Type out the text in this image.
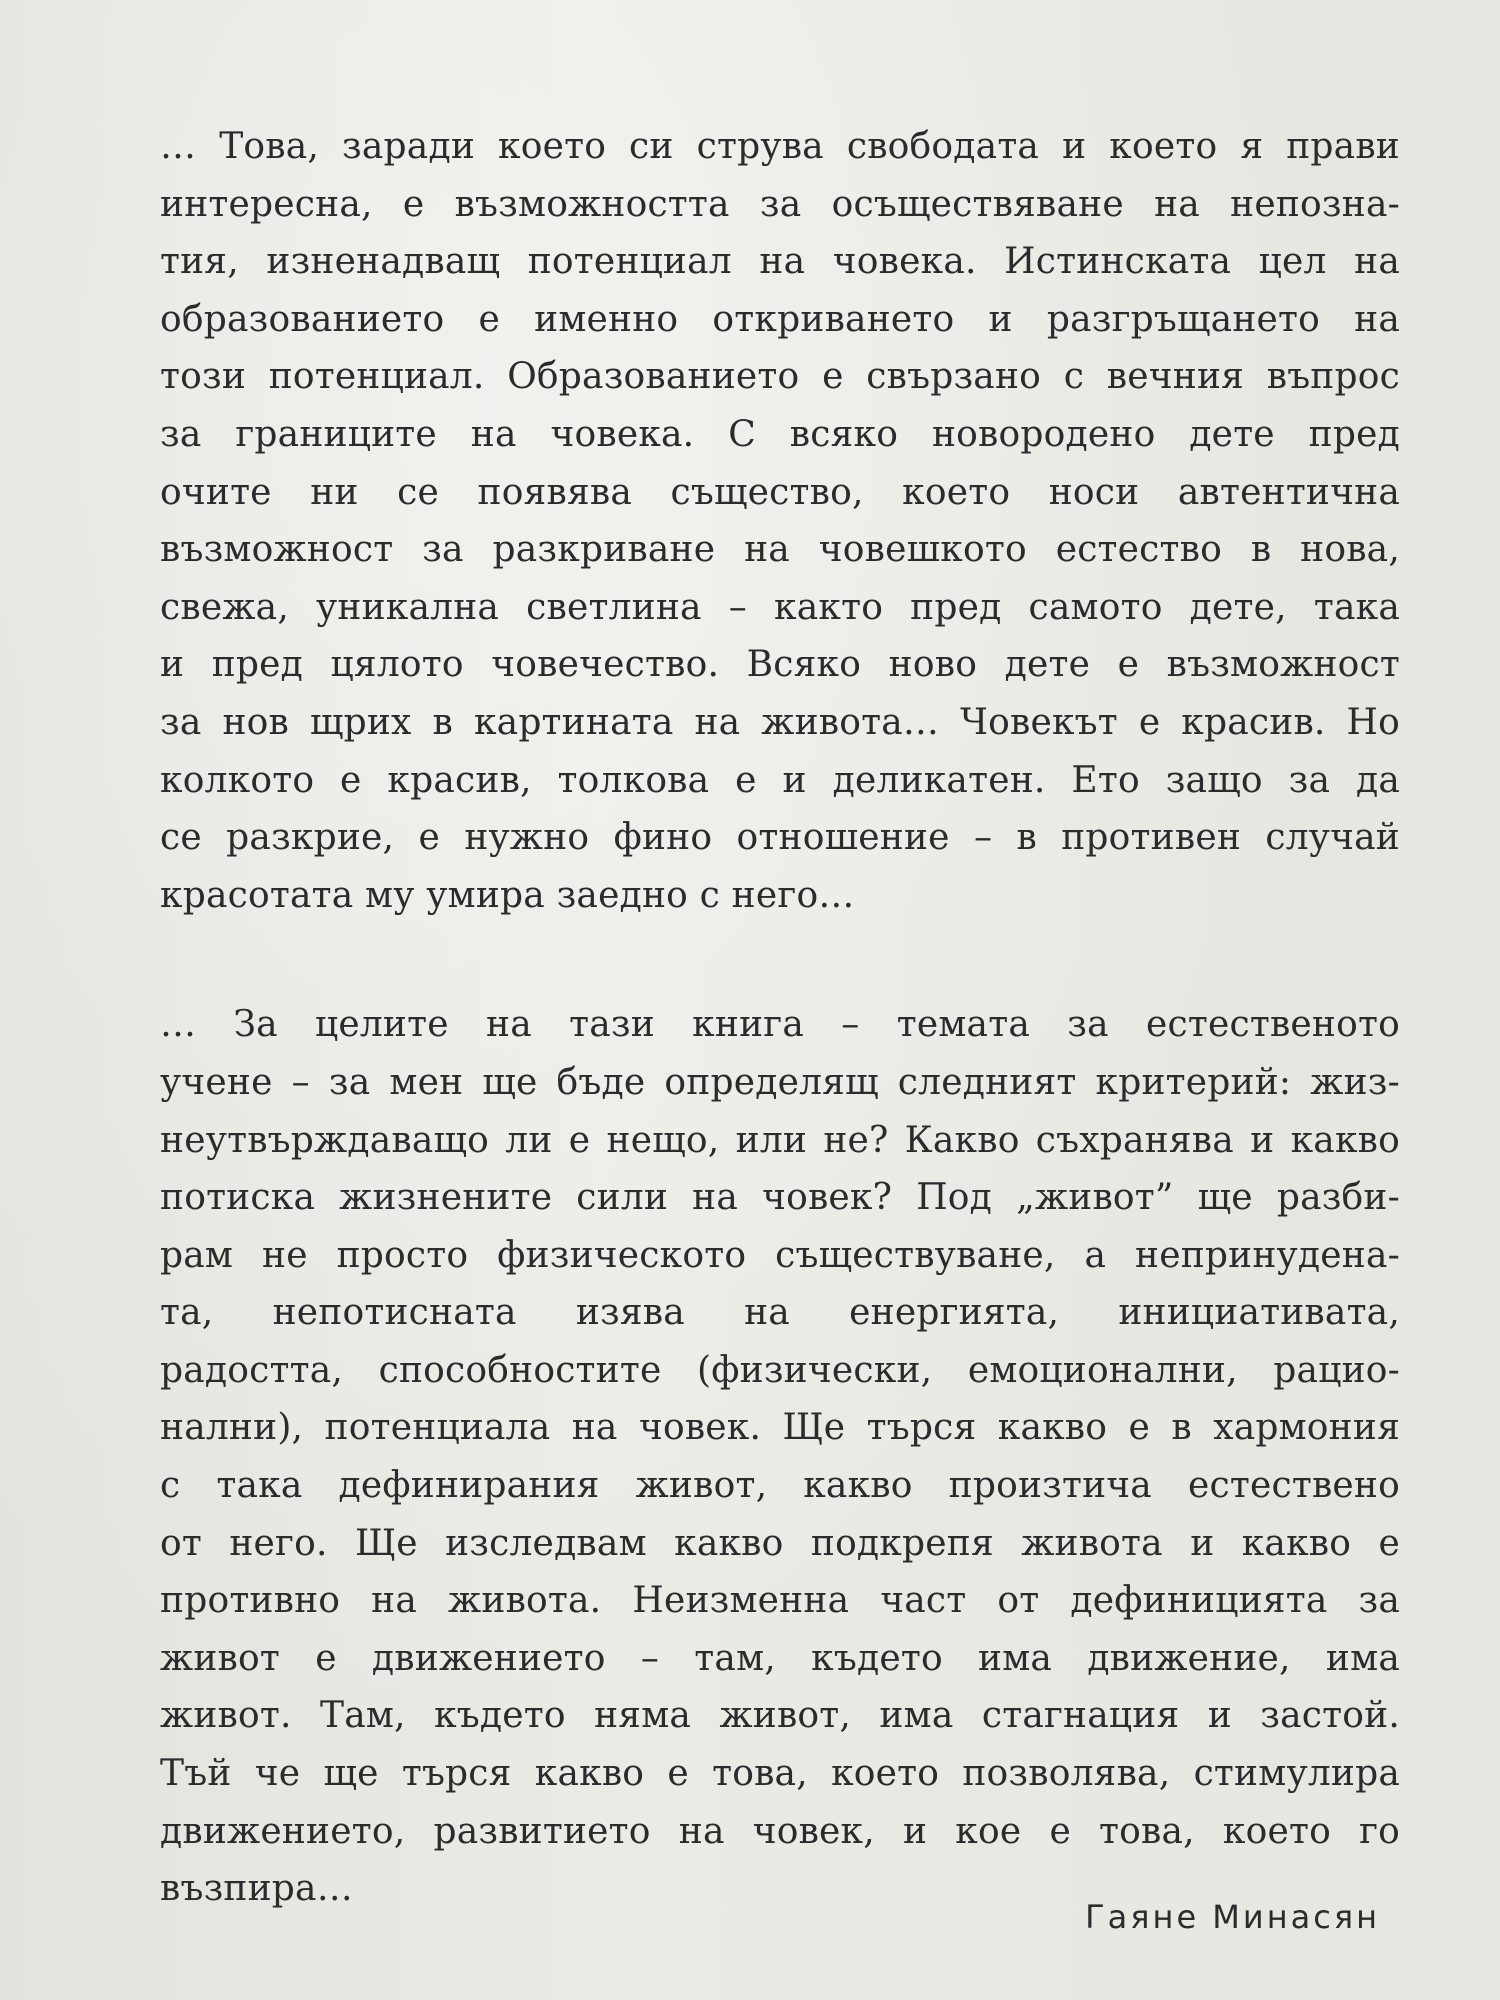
… Това, заради което си струва свободата и което я прави
интересна, е възможността за осъществяване на непозна-
тия, изненадващ потенциал на човека. Истинската цел на
образованието е именно откриването и разгръщането на
този потенциал. Образованието е свързано с вечния въпрос
за границите на човека. С всяко новородено дете пред
очите ни се появява същество, което носи автентична
възможност за разкриване на човешкото естество в нова,
свежа, уникална светлина – както пред самото дете, така
и пред цялото човечество. Всяко ново дете е възможност
за нов щрих в картината на живота… Човекът е красив. Но
колкото е красив, толкова е и деликатен. Ето защо за да
се разкрие, е нужно фино отношение – в противен случай
красотата му умира заедно с него…

… За целите на тази книга – темата за естественото
учене – за мен ще бъде определящ следният критерий: жиз-
неутвърждаващо ли е нещо, или не? Какво съхранява и какво
потиска жизнените сили на човек? Под „живот” ще разби-
рам не просто физическото съществуване, а непринудена-
та, непотисната изява на енергията, инициативата,
радостта, способностите (физически, емоционални, рацио-
нални), потенциала на човек. Ще търся какво е в хармония
с така дефинирания живот, какво произтича естествено
от него. Ще изследвам какво подкрепя живота и какво е
противно на живота. Неизменна част от дефиницията за
живот е движението – там, където има движение, има
живот. Там, където няма живот, има стагнация и застой.
Тъй че ще търся какво е това, което позволява, стимулира
движението, развитието на човек, и кое е това, което го
възпира…

Гаяне Минасян
